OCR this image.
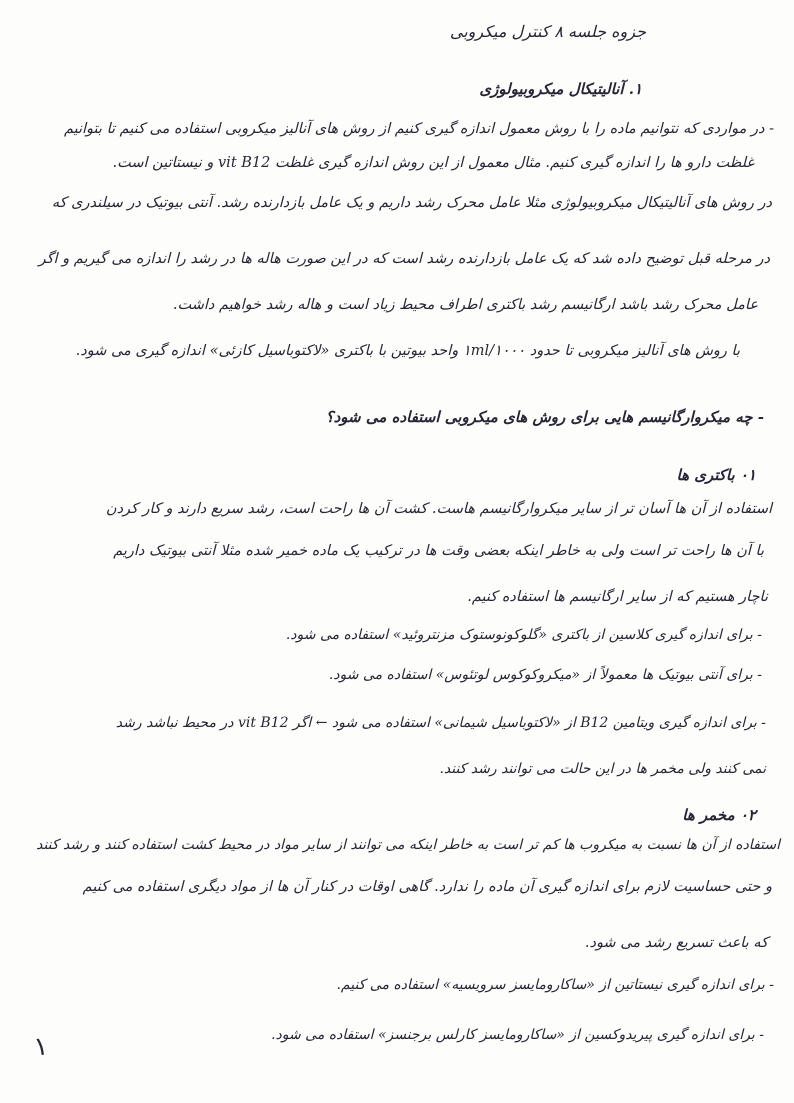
جزوه جلسه ۸ کنترل میکروبی
۱. آنالیتیکال میکروبیولوژی
- در مواردی که نتوانیم ماده را با روش معمول اندازه گیری کنیم از روش های آنالیز میکروبی استفاده می کنیم تا بتوانیم
غلظت دارو ها را اندازه گیری کنیم. مثال معمول از این روش اندازه گیری غلظت vit B12 و نیستاتین است.
در روش های آنالیتیکال میکروبیولوژی مثلا عامل محرک رشد داریم و یک عامل بازدارنده رشد. آنتی بیوتیک در سیلندری که
در مرحله قبل توضیح داده شد که یک عامل بازدارنده رشد است که در این صورت هاله ها در رشد را اندازه می گیریم و اگر
عامل محرک رشد باشد ارگانیسم رشد باکتری اطراف محیط زیاد است و هاله رشد خواهیم داشت.
با روش های آنالیز میکروبی تا حدود ۱ml/۱۰۰۰ واحد بیوتین با باکتری «لاکتوباسیل کازئی» اندازه گیری می شود.
- چه میکروارگانیسم هایی برای روش های میکروبی استفاده می شود؟
۰۱ باکتری ها
استفاده از آن ها آسان تر از سایر میکروارگانیسم هاست. کشت آن ها راحت است، رشد سریع دارند و کار کردن
با آن ها راحت تر است ولی به خاطر اینکه بعضی وقت ها در ترکیب یک ماده خمیر شده مثلا آنتی بیوتیک داریم
ناچار هستیم که از سایر ارگانیسم ها استفاده کنیم.
- برای اندازه گیری کلاسین از باکتری «گلوکونوستوک مزنتروئید» استفاده می شود.
- برای آنتی بیوتیک ها معمولاً از «میکروکوکوس لوتئوس» استفاده می شود.
- برای اندازه گیری ویتامین B12 از «لاکتوباسیل شیمانی» استفاده می شود ← اگر vit B12 در محیط نباشد رشد
نمی کنند ولی مخمر ها در این حالت می توانند رشد کنند.
۰۲ مخمر ها
استفاده از آن ها نسبت به میکروب ها کم تر است به خاطر اینکه می توانند از سایر مواد در محیط کشت استفاده کنند و رشد کنند
و حتی حساسیت لازم برای اندازه گیری آن ماده را ندارد. گاهی اوقات در کنار آن ها از مواد دیگری استفاده می کنیم
که باعث تسریع رشد می شود.
- برای اندازه گیری نیستاتین از «ساکارومایسز سرویسیه» استفاده می کنیم.
- برای اندازه گیری پیریدوکسین از «ساکارومایسز کارلس برجنسز» استفاده می شود.
۱
